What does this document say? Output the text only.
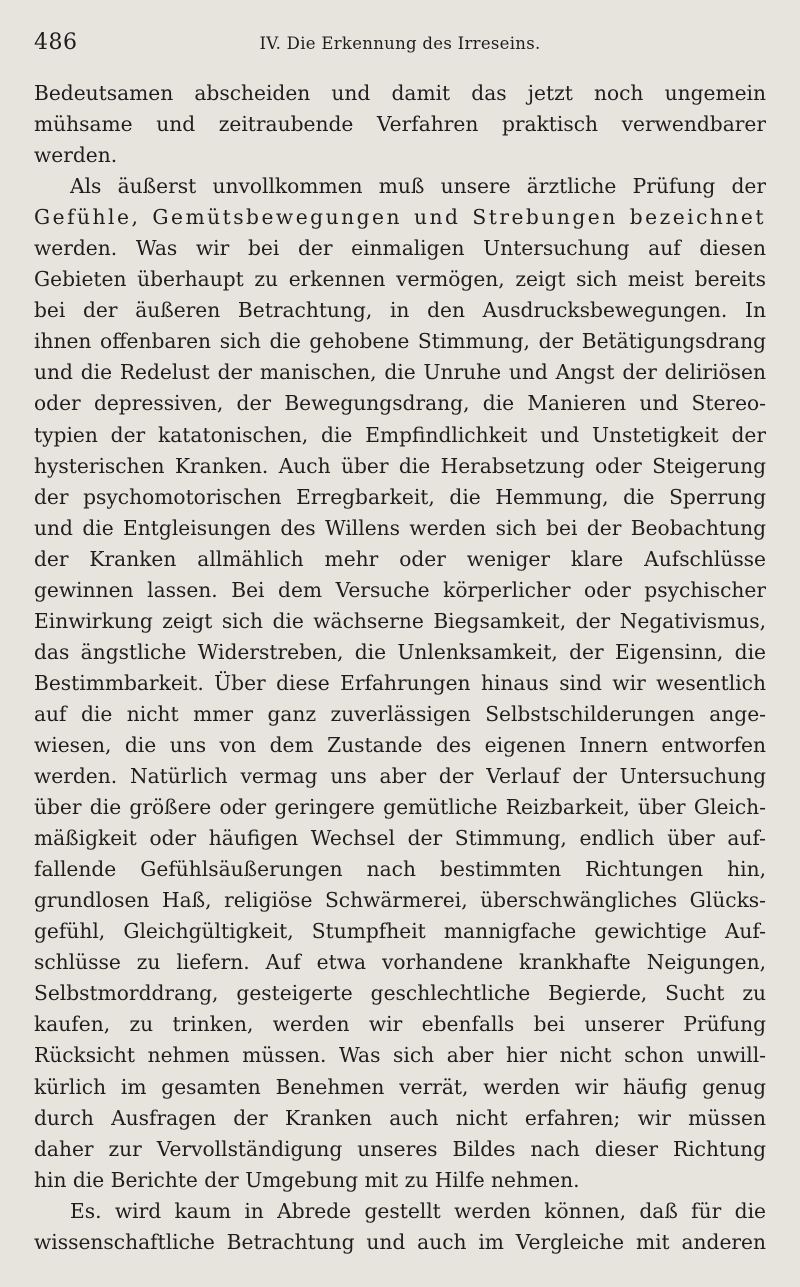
486	IV. Die Erkennung des Irreseins.
Bedeutsamen abscheiden und damit das jetzt noch ungemein
mühsame und zeitraubende Verfahren praktisch verwendbarer
werden.
Als äußerst unvollkommen muß unsere ärztliche Prüfung der
Gefühle, Gemütsbewegungen und Strebungen bezeichnet
werden. Was wir bei der einmaligen Untersuchung auf diesen
Gebieten überhaupt zu erkennen vermögen, zeigt sich meist bereits
bei der äußeren Betrachtung, in den Ausdrucksbewegungen. In
ihnen offenbaren sich die gehobene Stimmung, der Betätigungsdrang
und die Redelust der manischen, die Unruhe und Angst der deliriösen
oder depressiven, der Bewegungsdrang, die Manieren und Stereo-
typien der katatonischen, die Empfindlichkeit und Unstetigkeit der
hysterischen Kranken. Auch über die Herabsetzung oder Steigerung
der psychomotorischen Erregbarkeit, die Hemmung, die Sperrung
und die Entgleisungen des Willens werden sich bei der Beobachtung
der Kranken allmählich mehr oder weniger klare Aufschlüsse
gewinnen lassen. Bei dem Versuche körperlicher oder psychischer
Einwirkung zeigt sich die wächserne Biegsamkeit, der Negativismus,
das ängstliche Widerstreben, die Unlenksamkeit, der Eigensinn, die
Bestimmbarkeit. Über diese Erfahrungen hinaus sind wir wesentlich
auf die nicht mmer ganz zuverlässigen Selbstschilderungen ange-
wiesen, die uns von dem Zustande des eigenen Innern entworfen
werden. Natürlich vermag uns aber der Verlauf der Untersuchung
über die größere oder geringere gemütliche Reizbarkeit, über Gleich-
mäßigkeit oder häufigen Wechsel der Stimmung, endlich über auf-
fallende Gefühlsäußerungen nach bestimmten Richtungen hin,
grundlosen Haß, religiöse Schwärmerei, überschwängliches Glücks-
gefühl, Gleichgültigkeit, Stumpfheit mannigfache gewichtige Auf-
schlüsse zu liefern. Auf etwa vorhandene krankhafte Neigungen,
Selbstmorddrang, gesteigerte geschlechtliche Begierde, Sucht zu
kaufen, zu trinken, werden wir ebenfalls bei unserer Prüfung
Rücksicht nehmen müssen. Was sich aber hier nicht schon unwill-
kürlich im gesamten Benehmen verrät, werden wir häufig genug
durch Ausfragen der Kranken auch nicht erfahren; wir müssen
daher zur Vervollständigung unseres Bildes nach dieser Richtung
hin die Berichte der Umgebung mit zu Hilfe nehmen.
Es. wird kaum in Abrede gestellt werden können, daß für die
wissenschaftliche Betrachtung und auch im Vergleiche mit anderen
